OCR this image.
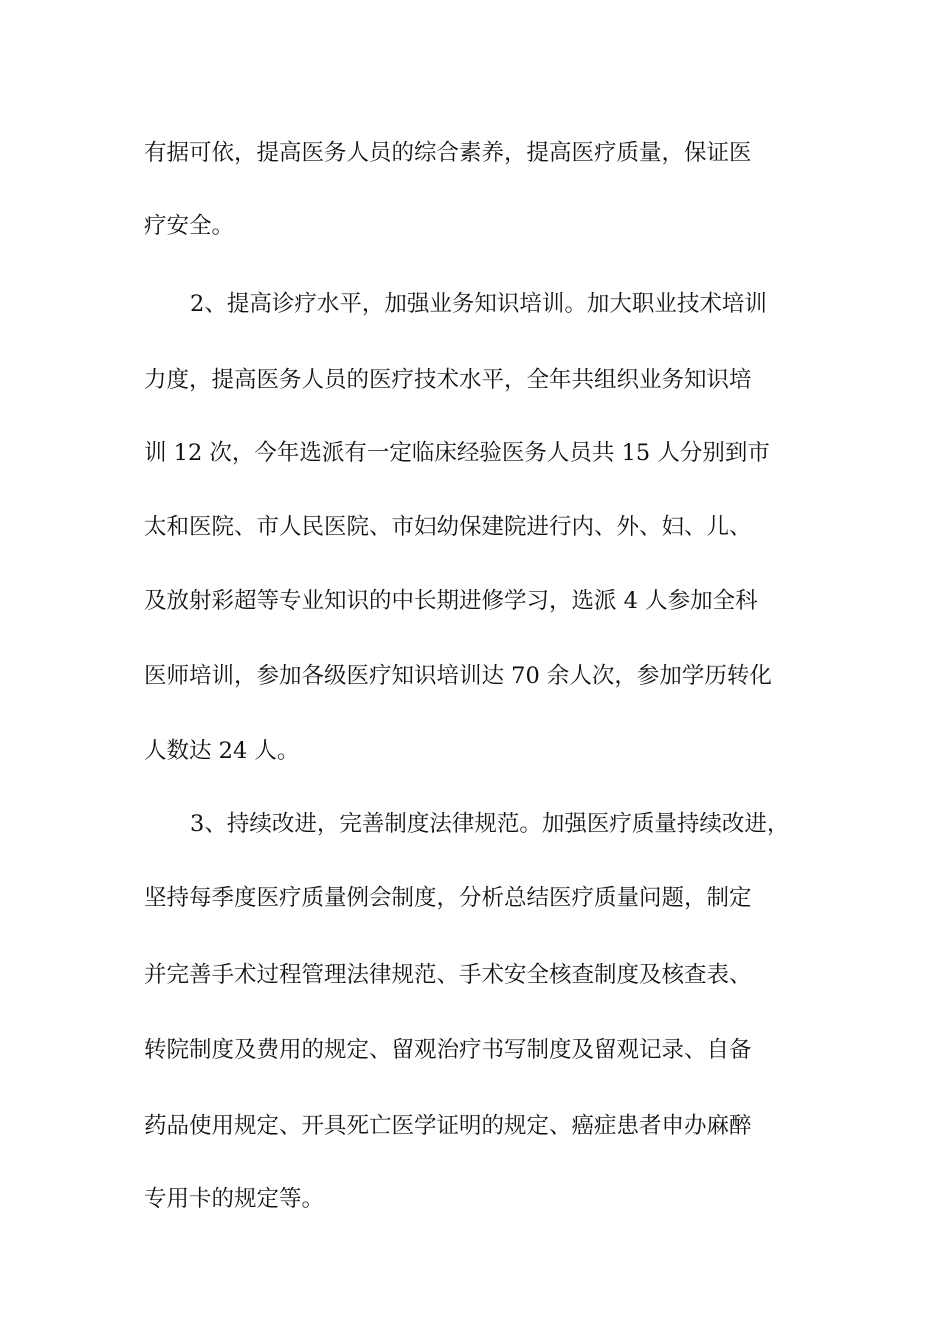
有据可依，提高医务人员的综合素养，提高医疗质量，保证医
疗安全。
2、提高诊疗水平，加强业务知识培训。加大职业技术培训
力度，提高医务人员的医疗技术水平，全年共组织业务知识培
训 12 次，今年选派有一定临床经验医务人员共 15 人分别到市
太和医院、市人民医院、市妇幼保建院进行内、外、妇、儿、
及放射彩超等专业知识的中长期进修学习，选派 4 人参加全科
医师培训，参加各级医疗知识培训达 70 余人次，参加学历转化
人数达 24 人。
3、持续改进，完善制度法律规范。加强医疗质量持续改进，
坚持每季度医疗质量例会制度，分析总结医疗质量问题，制定
并完善手术过程管理法律规范、手术安全核查制度及核查表、
转院制度及费用的规定、留观治疗书写制度及留观记录、自备
药品使用规定、开具死亡医学证明的规定、癌症患者申办麻醉
专用卡的规定等。
